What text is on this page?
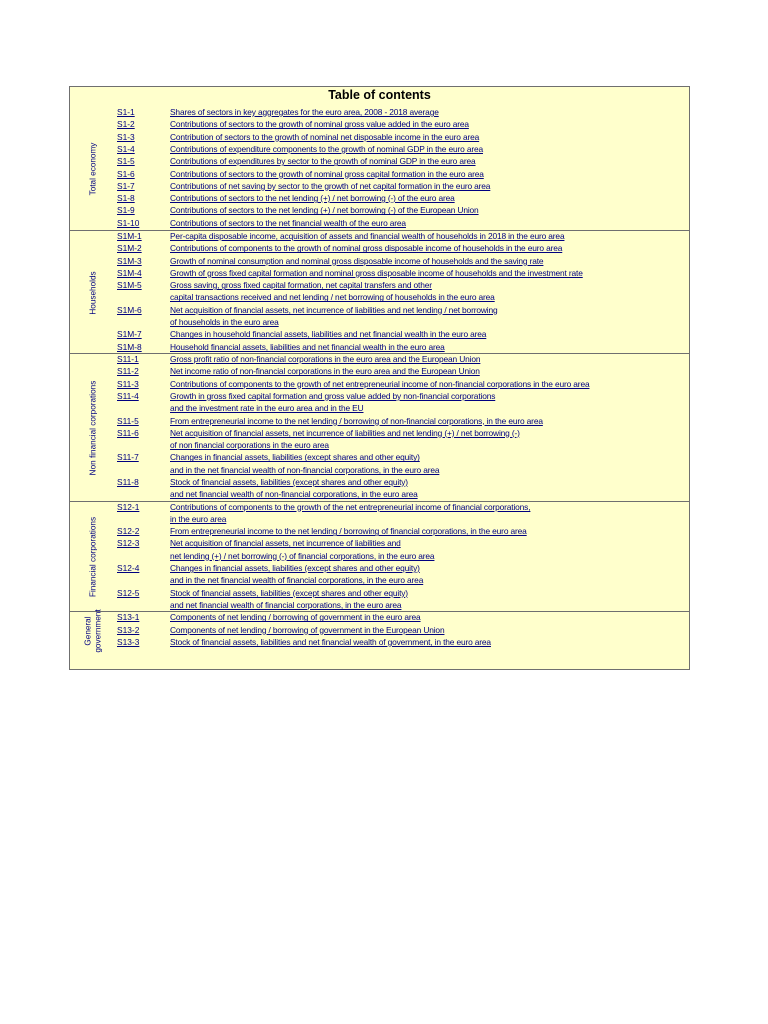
Table of contents
Total economy
S1-1	Shares of sectors in key aggregates for the euro area, 2008 - 2018 average
S1-2	Contributions of sectors to the growth of nominal gross value added in the euro area
S1-3	Contribution of sectors to the growth of nominal net disposable income in the euro area
S1-4	Contributions of expenditure components to the growth of nominal GDP in the euro area
S1-5	Contributions of expenditures by sector to the growth of nominal GDP in the euro area
S1-6	Contributions of sectors to the growth of nominal gross capital formation in the euro area
S1-7	Contributions of net saving by sector to the growth of net capital formation in the euro area
S1-8	Contributions of sectors to the net lending (+) / net borrowing (-) of the euro area
S1-9	Contributions of sectors to the net lending (+) / net borrowing (-) of the European Union
S1-10	Contributions of sectors to the net financial wealth of the euro area
Households
S1M-1	Per-capita disposable income, acquisition of assets and financial wealth of households in 2018 in the euro area
S1M-2	Contributions of components to the growth of nominal gross disposable income of households in the euro area
S1M-3	Growth of nominal consumption and nominal gross disposable income of households and the saving rate
S1M-4	Growth of gross fixed capital formation and nominal gross disposable income of households and the investment rate
S1M-5	Gross saving, gross fixed capital formation, net capital transfers and other
capital transactions received and net lending / net borrowing of households in the euro area
S1M-6	Net acquisition of financial assets, net incurrence of liabilities and net lending / net borrowing
of households in the euro area
S1M-7	Changes in household financial assets, liabilities and net financial wealth in the euro area
S1M-8	Household financial assets, liabilities and net financial wealth in the euro area
Non financial corporations
S11-1	Gross profit ratio of non-financial corporations in the euro area and the European Union
S11-2	Net income ratio of non-financial corporations in the euro area and the European Union
S11-3	Contributions of components to the growth of net entrepreneurial income of non-financial corporations in the euro area
S11-4	Growth in gross fixed capital formation and gross value added by non-financial corporations
and the investment rate in the euro area and in the EU
S11-5	From entrepreneurial income to the net lending / borrowing of non-financial corporations, in the euro area
S11-6	Net acquisition of financial assets, net incurrence of liabilities and net lending (+) / net borrowing (-)
of non financial corporations in the euro area
S11-7	Changes in financial assets, liabilities (except shares and other equity)
and in the net financial wealth of non-financial corporations, in the euro area
S11-8	Stock of financial assets, liabilities (except shares and other equity)
and net financial wealth of non-financial corporations, in the euro area
Financial corporations
S12-1	Contributions of components to the growth of the net entrepreneurial income of financial corporations,
in the euro area
S12-2	From entrepreneurial income to the net lending / borrowing of financial corporations, in the euro area
S12-3	Net acquisition of financial assets, net incurrence of liabilities and
net lending (+) / net borrowing (-) of financial corporations, in the euro area
S12-4	Changes in financial assets, liabilities (except shares and other equity)
and in the net financial wealth of financial corporations, in the euro area
S12-5	Stock of financial assets, liabilities (except shares and other equity)
and net financial wealth of financial corporations, in the euro area
General government S13-1	Components of net lending / borrowing of government in the euro area
S13-2	Components of net lending / borrowing of government in the European Union
S13-3	Stock of financial assets, liabilities and net financial wealth of government, in the euro area
